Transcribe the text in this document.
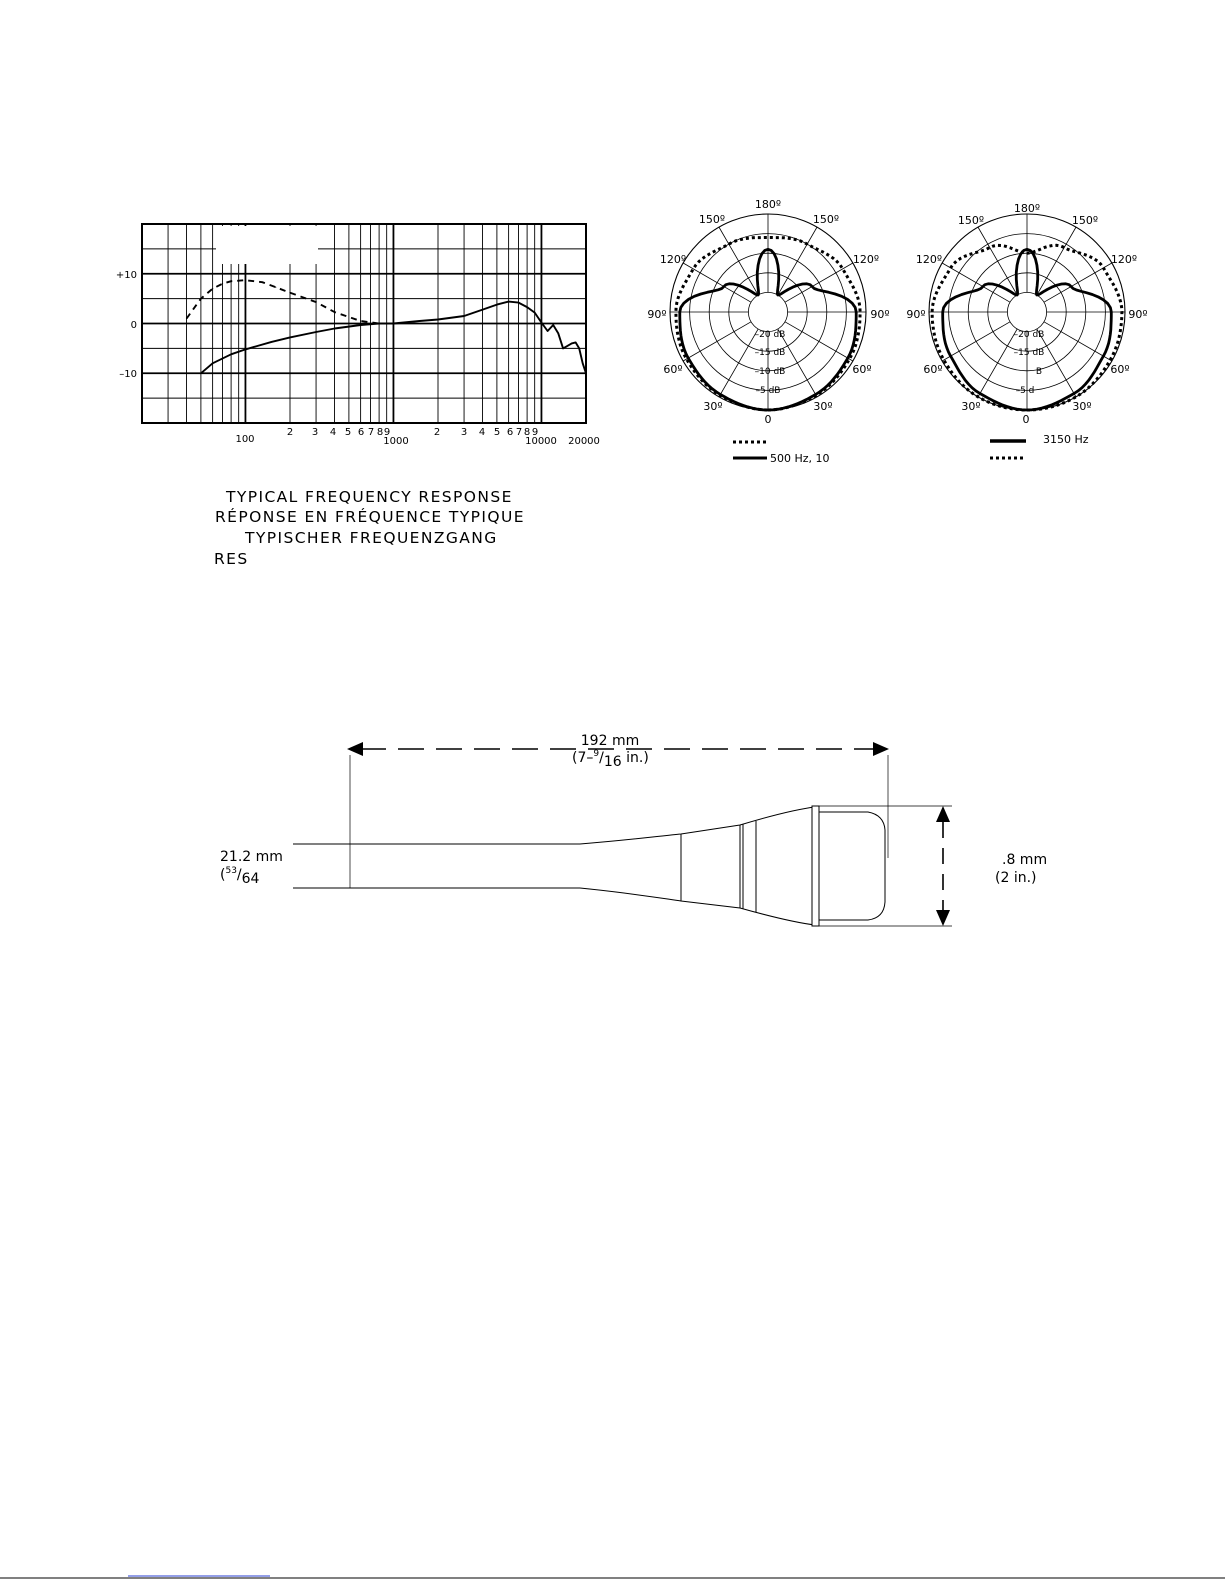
+10
0
–10
100
2 3 4 5 6 7 8 9
1000
2 3 4 5 6 7 8 9
10000 20000
TYPICAL FREQUENCY RESPONSE
RÉPONSE EN FRÉQUENCE TYPIQUE
TYPISCHER FREQUENZGANG
RES
180º
150º	150º
120º	120º
90º	90º
60º	60º
30º	30º
0
–20 dB
–15 dB
–10 dB
–5 dB
500 Hz, 10
180º
150º	150º
120º	120º
90º	90º
60º	60º
30º	30º
0
–20 dB
–15 dB
B
–5 d
3150 Hz
192 mm
(7–$^9$/16 in.)
21.2 mm
($^{53}$/64
.8 mm
(2 in.)
